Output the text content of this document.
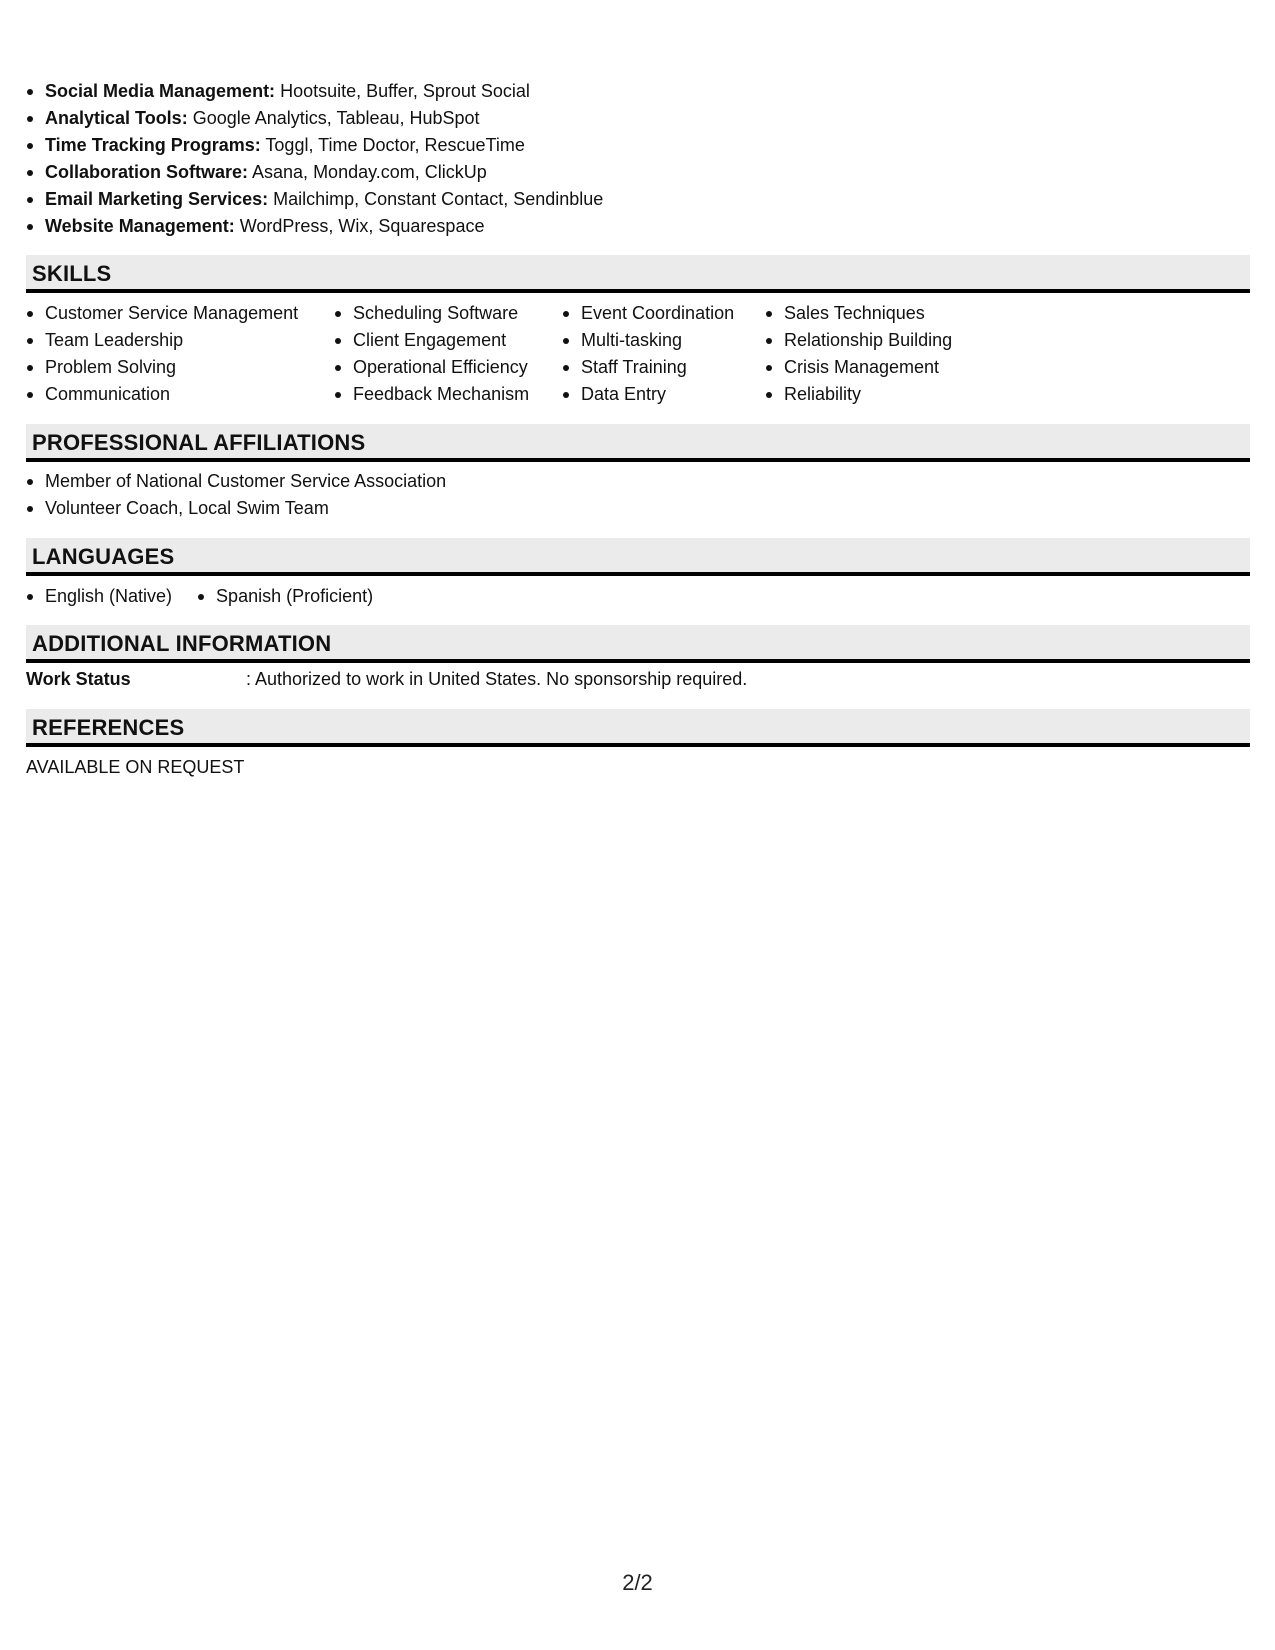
Social Media Management: Hootsuite, Buffer, Sprout Social
Analytical Tools: Google Analytics, Tableau, HubSpot
Time Tracking Programs: Toggl, Time Doctor, RescueTime
Collaboration Software: Asana, Monday.com, ClickUp
Email Marketing Services: Mailchimp, Constant Contact, Sendinblue
Website Management: WordPress, Wix, Squarespace
SKILLS
Customer Service Management
Team Leadership
Problem Solving
Communication
Scheduling Software
Client Engagement
Operational Efficiency
Feedback Mechanism
Event Coordination
Multi-tasking
Staff Training
Data Entry
Sales Techniques
Relationship Building
Crisis Management
Reliability
PROFESSIONAL AFFILIATIONS
Member of National Customer Service Association
Volunteer Coach, Local Swim Team
LANGUAGES
English (Native)	Spanish (Proficient)
ADDITIONAL INFORMATION
Work Status	: Authorized to work in United States. No sponsorship required.
REFERENCES
AVAILABLE ON REQUEST
2/2
